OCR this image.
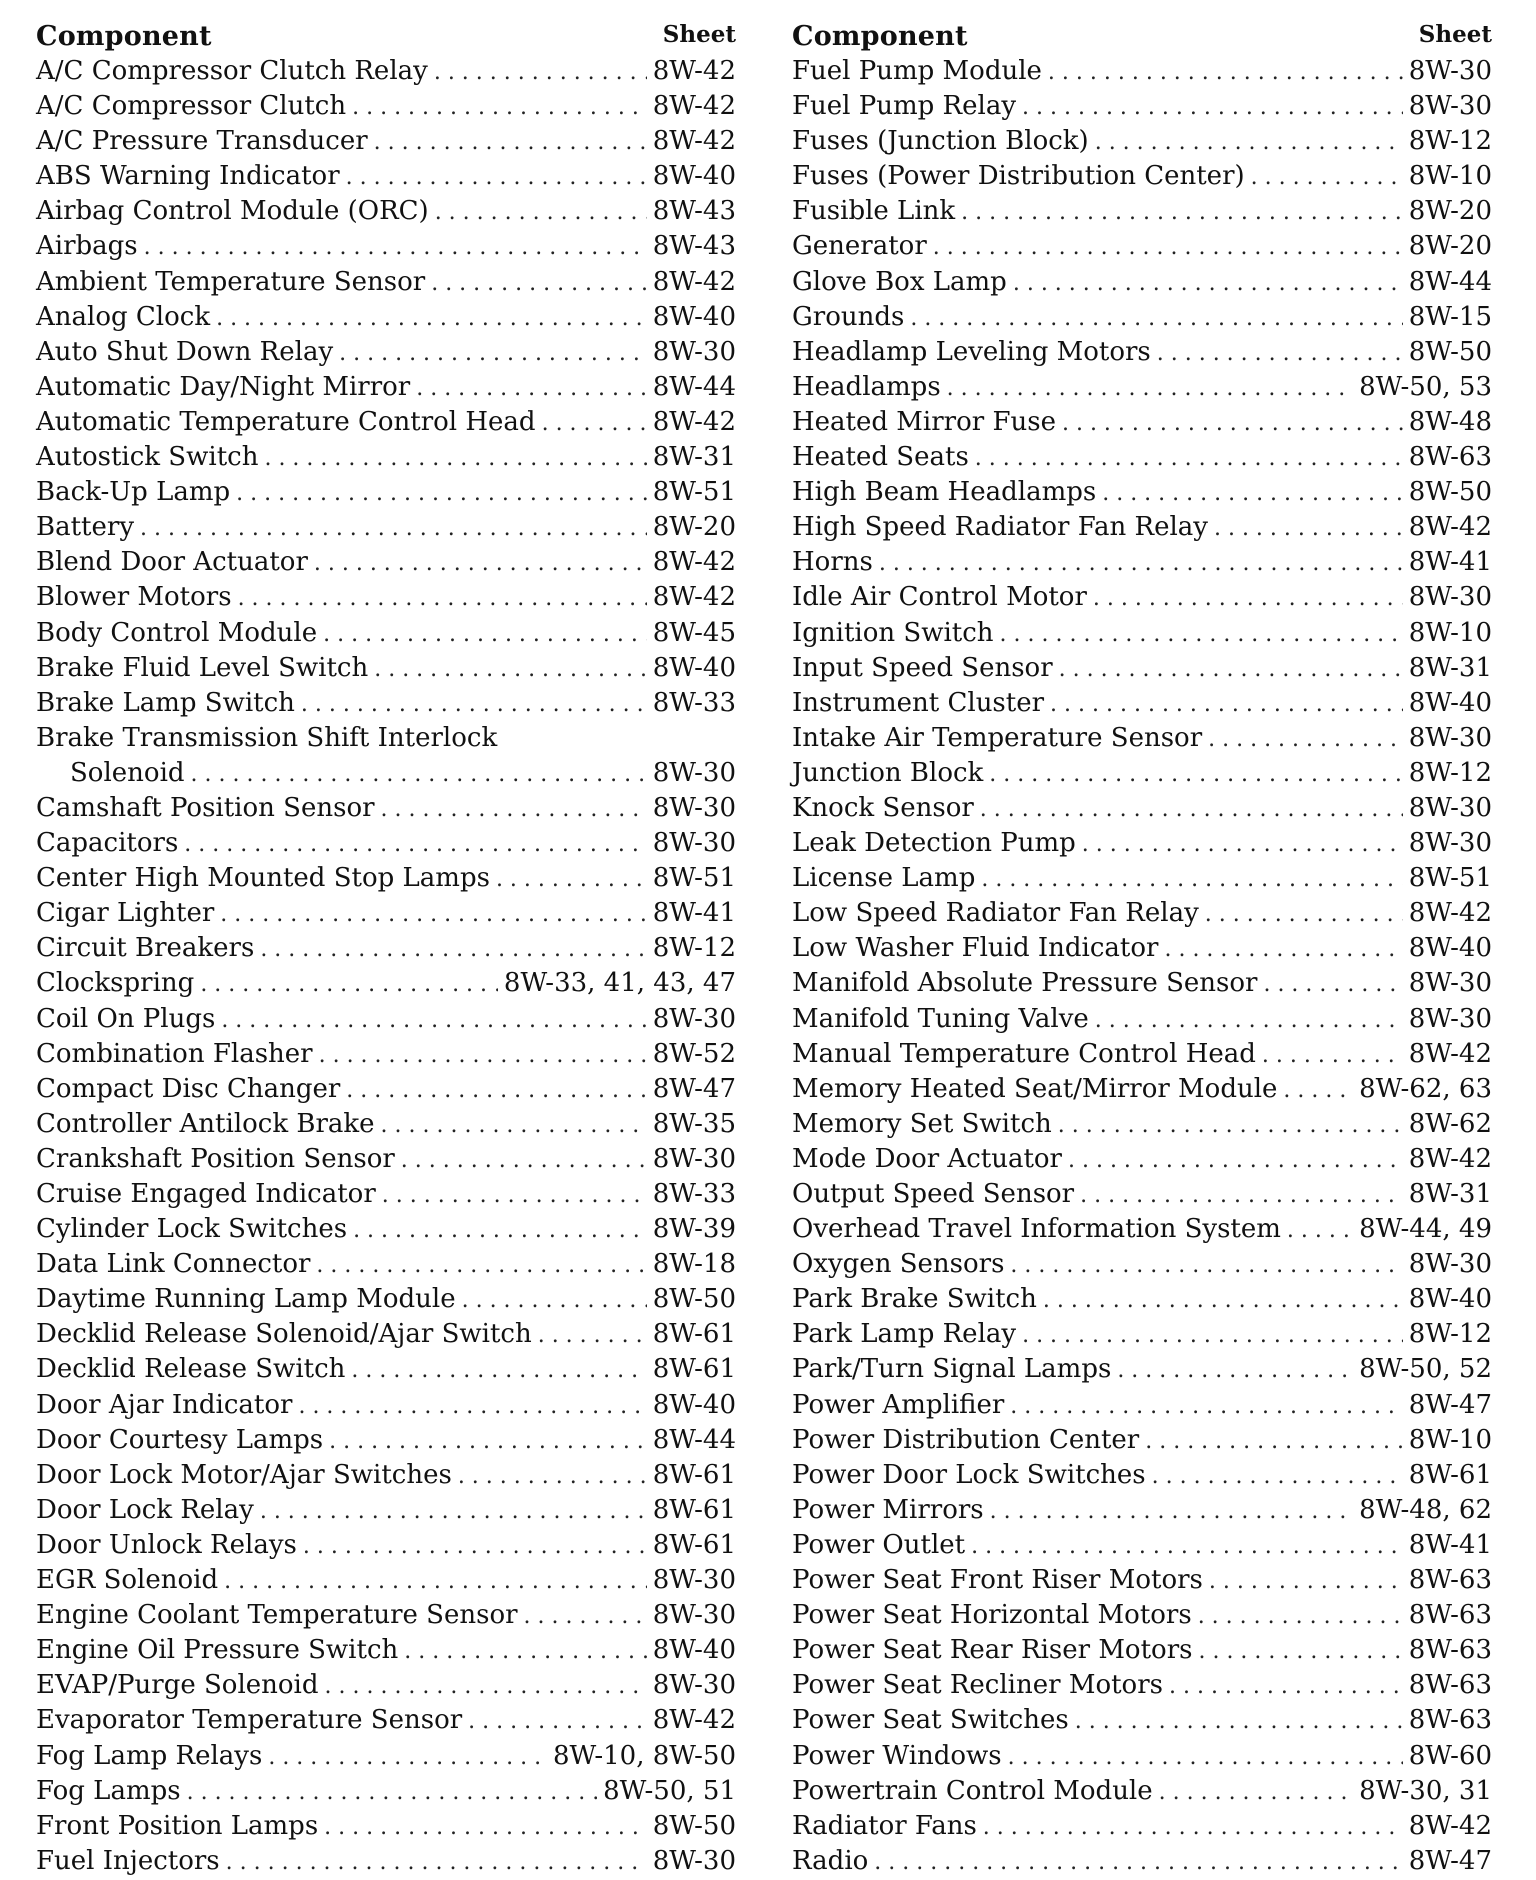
Component	Sheet
A/C Compressor Clutch Relay . . .	8W-42
A/C Compressor Clutch . . .	8W-42
A/C Pressure Transducer . . .	8W-42
ABS Warning Indicator . . .	8W-40
Airbag Control Module (ORC) . . .	8W-43
Airbags . . .	8W-43
Ambient Temperature Sensor . . .	8W-42
Analog Clock . . .	8W-40
Auto Shut Down Relay . . .	8W-30
Automatic Day/Night Mirror . . .	8W-44
Automatic Temperature Control Head . . .	8W-42
Autostick Switch . . .	8W-31
Back-Up Lamp . . .	8W-51
Battery . . .	8W-20
Blend Door Actuator . . .	8W-42
Blower Motors . . .	8W-42
Body Control Module . . .	8W-45
Brake Fluid Level Switch . . .	8W-40
Brake Lamp Switch . . .	8W-33
Brake Transmission Shift Interlock
Solenoid . . .	8W-30
Camshaft Position Sensor . . .	8W-30
Capacitors . . .	8W-30
Center High Mounted Stop Lamps . . .	8W-51
Cigar Lighter . . .	8W-41
Circuit Breakers . . .	8W-12
Clockspring . . .	8W-33, 41, 43, 47
Coil On Plugs . . .	8W-30
Combination Flasher . . .	8W-52
Compact Disc Changer . . .	8W-47
Controller Antilock Brake . . .	8W-35
Crankshaft Position Sensor . . .	8W-30
Cruise Engaged Indicator . . .	8W-33
Cylinder Lock Switches . . .	8W-39
Data Link Connector . . .	8W-18
Daytime Running Lamp Module . . .	8W-50
Decklid Release Solenoid/Ajar Switch . . .	8W-61
Decklid Release Switch . . .	8W-61
Door Ajar Indicator . . .	8W-40
Door Courtesy Lamps . . .	8W-44
Door Lock Motor/Ajar Switches . . .	8W-61
Door Lock Relay . . .	8W-61
Door Unlock Relays . . .	8W-61
EGR Solenoid . . .	8W-30
Engine Coolant Temperature Sensor . . .	8W-30
Engine Oil Pressure Switch . . .	8W-40
EVAP/Purge Solenoid . . .	8W-30
Evaporator Temperature Sensor . . .	8W-42
Fog Lamp Relays . . .	8W-10, 8W-50
Fog Lamps . . .	8W-50, 51
Front Position Lamps . . .	8W-50
Fuel Injectors . . .	8W-30
Component	Sheet
Fuel Pump Module . . .	8W-30
Fuel Pump Relay . . .	8W-30
Fuses (Junction Block) . . .	8W-12
Fuses (Power Distribution Center) . . .	8W-10
Fusible Link . . .	8W-20
Generator . . .	8W-20
Glove Box Lamp . . .	8W-44
Grounds . . .	8W-15
Headlamp Leveling Motors . . .	8W-50
Headlamps . . .	8W-50, 53
Heated Mirror Fuse . . .	8W-48
Heated Seats . . .	8W-63
High Beam Headlamps . . .	8W-50
High Speed Radiator Fan Relay . . .	8W-42
Horns . . .	8W-41
Idle Air Control Motor . . .	8W-30
Ignition Switch . . .	8W-10
Input Speed Sensor . . .	8W-31
Instrument Cluster . . .	8W-40
Intake Air Temperature Sensor . . .	8W-30
Junction Block . . .	8W-12
Knock Sensor . . .	8W-30
Leak Detection Pump . . .	8W-30
License Lamp . . .	8W-51
Low Speed Radiator Fan Relay . . .	8W-42
Low Washer Fluid Indicator . . .	8W-40
Manifold Absolute Pressure Sensor . . .	8W-30
Manifold Tuning Valve . . .	8W-30
Manual Temperature Control Head . . .	8W-42
Memory Heated Seat/Mirror Module . . .	8W-62, 63
Memory Set Switch . . .	8W-62
Mode Door Actuator . . .	8W-42
Output Speed Sensor . . .	8W-31
Overhead Travel Information System . . .	8W-44, 49
Oxygen Sensors . . .	8W-30
Park Brake Switch . . .	8W-40
Park Lamp Relay . . .	8W-12
Park/Turn Signal Lamps . . .	8W-50, 52
Power Amplifier . . .	8W-47
Power Distribution Center . . .	8W-10
Power Door Lock Switches . . .	8W-61
Power Mirrors . . .	8W-48, 62
Power Outlet . . .	8W-41
Power Seat Front Riser Motors . . .	8W-63
Power Seat Horizontal Motors . . .	8W-63
Power Seat Rear Riser Motors . . .	8W-63
Power Seat Recliner Motors . . .	8W-63
Power Seat Switches . . .	8W-63
Power Windows . . .	8W-60
Powertrain Control Module . . .	8W-30, 31
Radiator Fans . . .	8W-42
Radio . . .	8W-47
